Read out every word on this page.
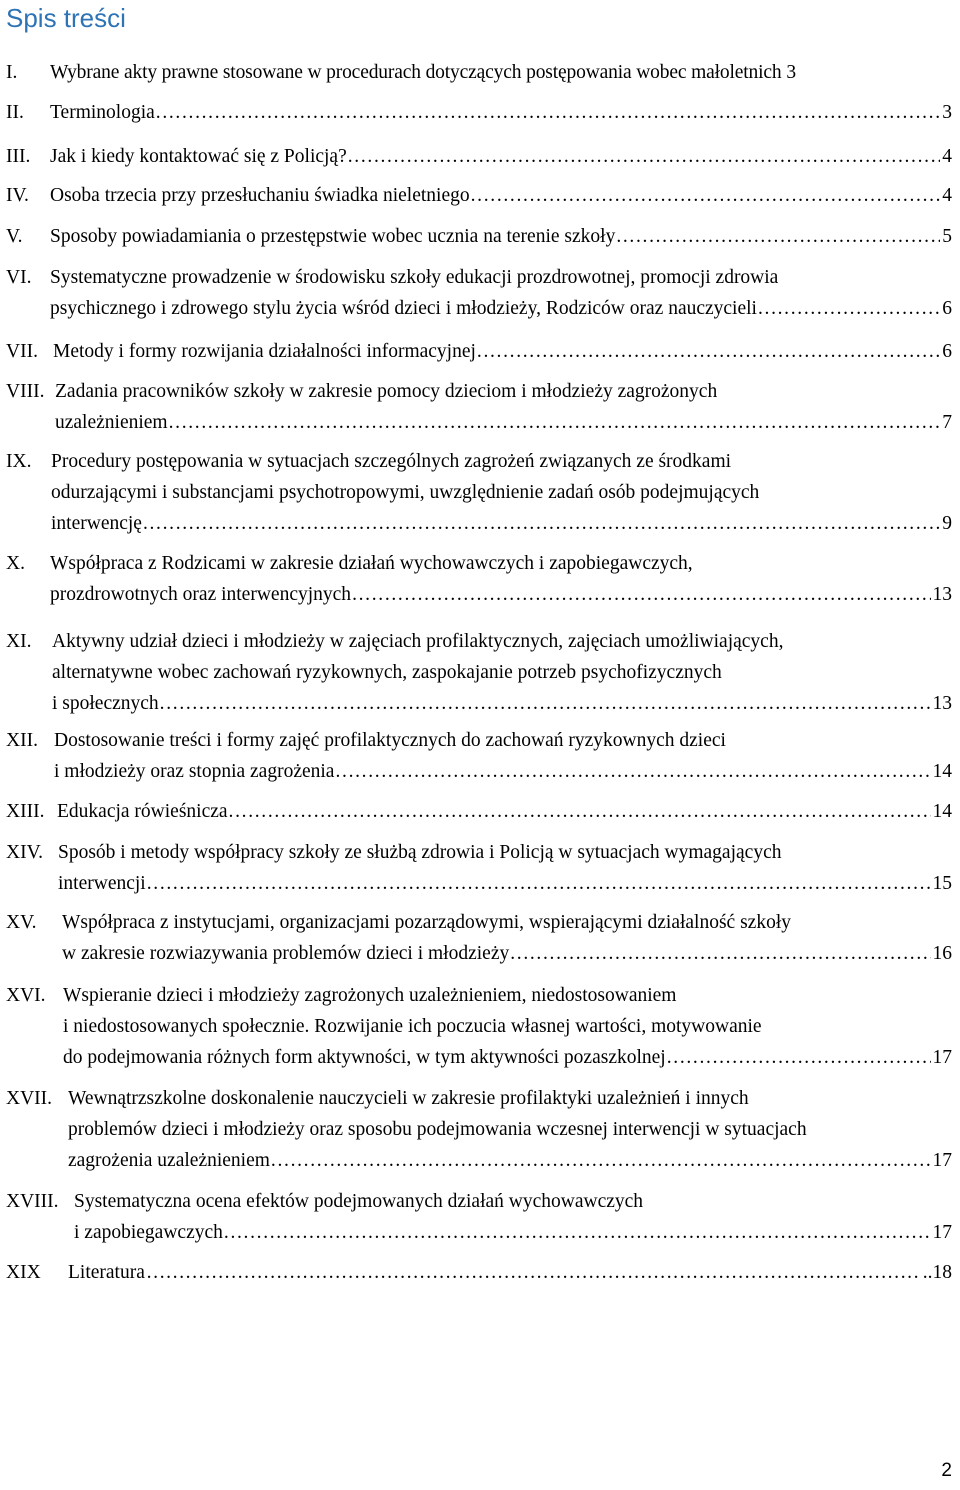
Spis treści
I. Wybrane akty prawne stosowane w procedurach dotyczących postępowania wobec małoletnich 3
II. Terminologia . . .	3
III. Jak i kiedy kontaktować się z Policją? . . .	4
IV. Osoba trzecia przy przesłuchaniu świadka nieletniego . . .	4
V. Sposoby powiadamiania o przestępstwie wobec ucznia na terenie szkoły . . .	5
VI. Systematyczne prowadzenie w środowisku szkoły edukacji prozdrowotnej, promocji zdrowia
psychicznego i zdrowego stylu życia wśród dzieci i młodzieży, Rodziców oraz nauczycieli . . .	6
VII. Metody i formy rozwijania działalności informacyjnej . . .	6
VIII. Zadania pracowników szkoły w zakresie pomocy dzieciom i młodzieży zagrożonych
uzależnieniem . . .	7
IX. Procedury postępowania w sytuacjach szczególnych zagrożeń związanych ze środkami
odurzającymi i substancjami psychotropowymi, uwzględnienie zadań osób podejmujących
interwencję . . .	9
X. Współpraca z Rodzicami w zakresie działań wychowawczych i zapobiegawczych,
prozdrowotnych oraz interwencyjnych . . .	13
XI. Aktywny udział dzieci i młodzieży w zajęciach profilaktycznych, zajęciach umożliwiających,
alternatywne wobec zachowań ryzykownych, zaspokajanie potrzeb psychofizycznych
i społecznych . . .	13
XII. Dostosowanie treści i formy zajęć profilaktycznych do zachowań ryzykownych dzieci
i młodzieży oraz stopnia zagrożenia . . .	14
XIII. Edukacja rówieśnicza . . .	14
XIV. Sposób i metody współpracy szkoły ze służbą zdrowia i Policją w sytuacjach wymagających
interwencji . . .	15
XV. Współpraca z instytucjami, organizacjami pozarządowymi, wspierającymi działalność szkoły
w zakresie rozwiazywania problemów dzieci i młodzieży . . .	16
XVI. Wspieranie dzieci i młodzieży zagrożonych uzależnieniem, niedostosowaniem
i niedostosowanych społecznie. Rozwijanie ich poczucia własnej wartości, motywowanie
do podejmowania różnych form aktywności, w tym aktywności pozaszkolnej . . .	17
XVII. Wewnątrzszkolne doskonalenie nauczycieli w zakresie profilaktyki uzależnień i innych
problemów dzieci i młodzieży oraz sposobu podejmowania wczesnej interwencji w sytuacjach
zagrożenia uzależnieniem . . .	17
XVIII. Systematyczna ocena efektów podejmowanych działań wychowawczych
i zapobiegawczych . . .	17
XIX Literatura …………………………………………………………………………………………………………………………………………………………………………………………………………………………	..18
2
